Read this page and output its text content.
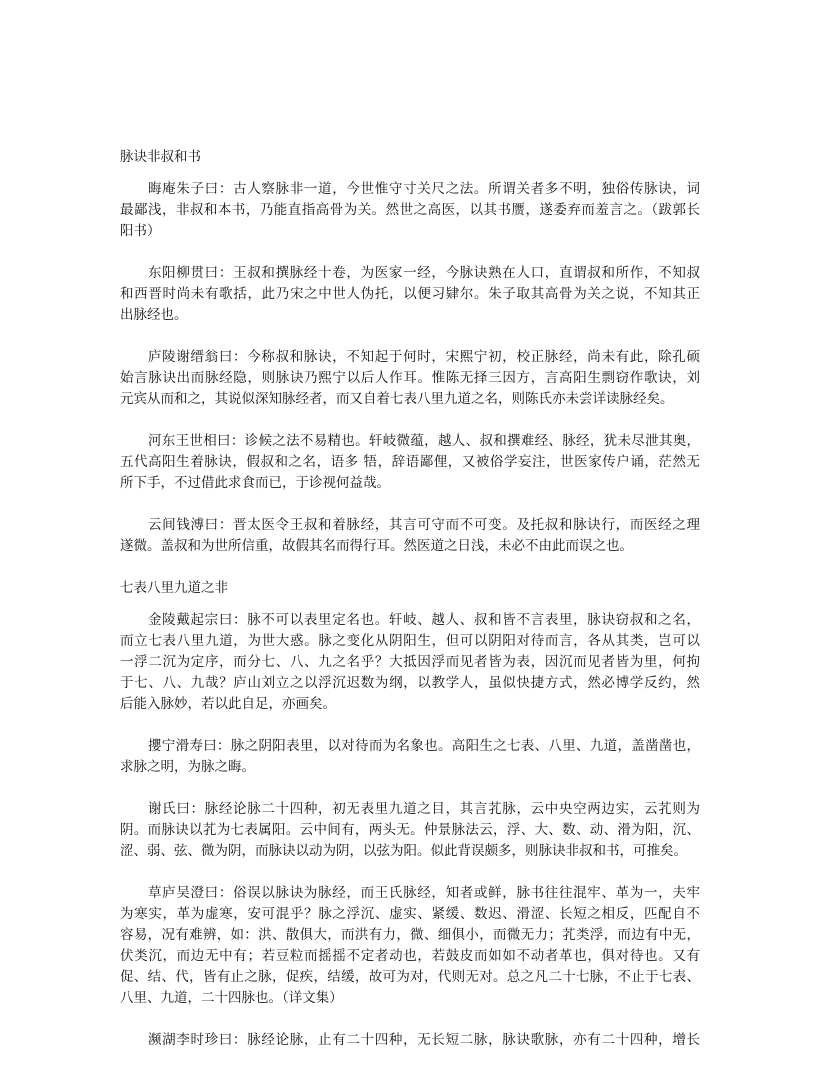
脉诀非叔和书
晦庵朱子曰：古人察脉非一道，今世惟守寸关尺之法。所谓关者多不明，独俗传脉诀，词
最鄙浅，非叔和本书，乃能直指高骨为关。然世之高医，以其书赝，遂委弃而羞言之。（跋郭长
阳书）
东阳柳贯曰：王叔和撰脉经十卷，为医家一经，今脉诀熟在人口，直谓叔和所作，不知叔
和西晋时尚未有歌括，此乃宋之中世人伪托，以便习肄尔。朱子取其高骨为关之说，不知其正
出脉经也。
庐陵谢缙翁曰：今称叔和脉诀，不知起于何时，宋熙宁初，校正脉经，尚未有此，除孔硕
始言脉诀出而脉经隐，则脉诀乃熙宁以后人作耳。惟陈无择三因方，言高阳生剽窃作歌诀，刘
元宾从而和之，其说似深知脉经者，而又自着七表八里九道之名，则陈氏亦未尝详读脉经矣。
河东王世相曰：诊候之法不易精也。轩岐微蕴，越人、叔和撰难经、脉经，犹未尽泄其奥，
五代高阳生着脉诀，假叔和之名，语多 牾，辞语鄙俚，又被俗学妄注，世医家传户诵，茫然无
所下手，不过借此求食而已，于诊视何益哉。
云间钱溥曰：晋太医令王叔和着脉经，其言可守而不可变。及托叔和脉诀行，而医经之理
遂微。盖叔和为世所信重，故假其名而得行耳。然医道之日浅，未必不由此而误之也。
七表八里九道之非
金陵戴起宗曰：脉不可以表里定名也。轩岐、越人、叔和皆不言表里，脉诀窃叔和之名，
而立七表八里九道，为世大惑。脉之变化从阴阳生，但可以阴阳对待而言，各从其类，岂可以
一浮二沉为定序，而分七、八、九之名乎？大抵因浮而见者皆为表，因沉而见者皆为里，何拘
于七、八、九哉？庐山刘立之以浮沉迟数为纲，以教学人，虽似快捷方式，然必博学反约，然
后能入脉妙，若以此自足，亦画矣。
攖宁滑寿曰：脉之阴阳表里，以对待而为名象也。高阳生之七表、八里、九道，盖凿凿也，
求脉之明，为脉之晦。
谢氏曰：脉经论脉二十四种，初无表里九道之目，其言芤脉，云中央空两边实，云芤则为
阴。而脉诀以芤为七表属阳。云中间有，两头无。仲景脉法云，浮、大、数、动、滑为阳，沉、
涩、弱、弦、微为阴，而脉诀以动为阴，以弦为阳。似此背误颇多，则脉诀非叔和书，可推矣。
草庐吴澄曰：俗误以脉诀为脉经，而王氏脉经，知者或鲜，脉书往往混牢、革为一，夫牢
为寒实，革为虚寒，安可混乎？脉之浮沉、虚实、紧缓、数迟、滑涩、长短之相反，匹配自不
容易，况有难辨，如：洪、散俱大，而洪有力，微、细俱小，而微无力；芤类浮，而边有中无，
伏类沉，而边无中有；若豆粒而摇摇不定者动也，若鼓皮而如如不动者革也，俱对待也。又有
促、结、代，皆有止之脉，促疾，结缓，故可为对，代则无对。总之凡二十七脉，不止于七表、
八里、九道，二十四脉也。（详文集）
濒湖李时珍曰：脉经论脉，止有二十四种，无长短二脉，脉诀歌脉，亦有二十四种，增长
